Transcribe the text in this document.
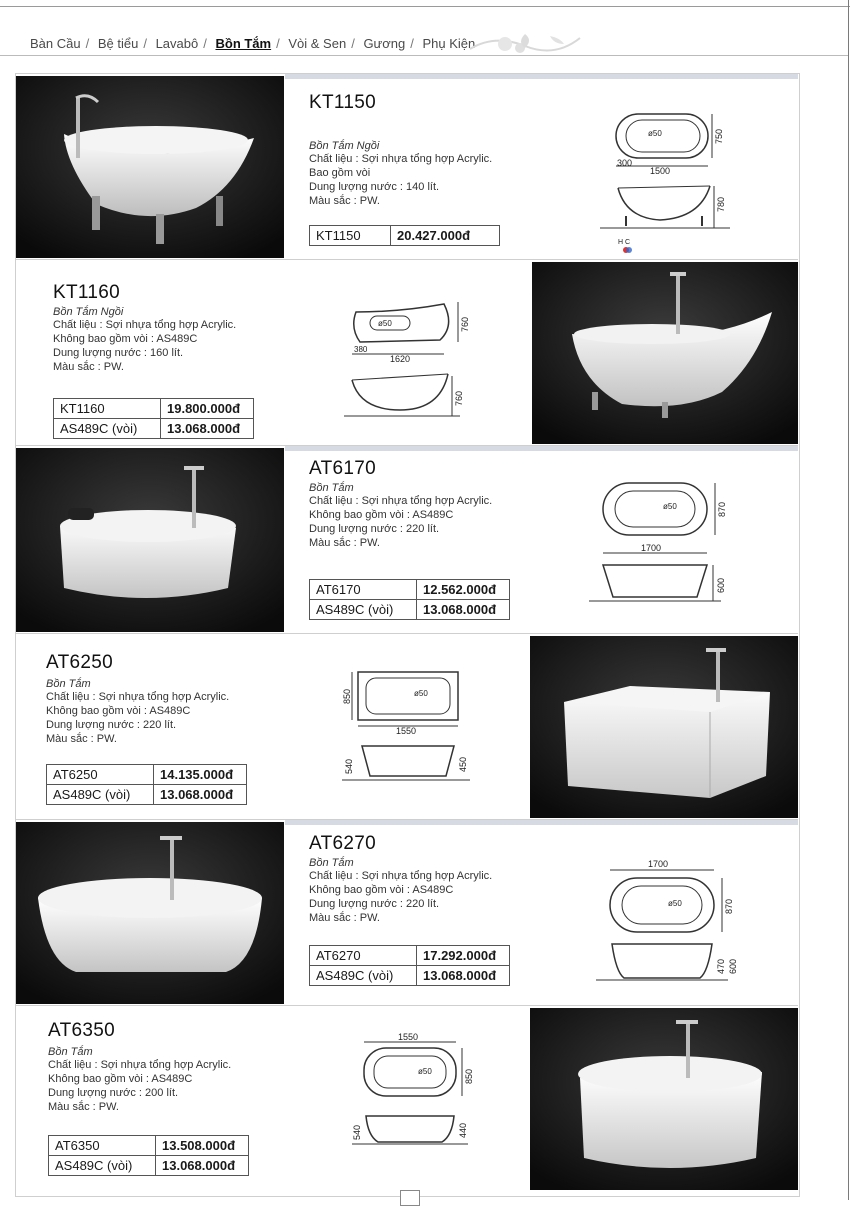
Bàn Cầu / Bệ tiểu / Lavabô / Bồn Tắm / Vòi & Sen / Gương / Phụ Kiện
KT1150
Bồn Tắm Ngồi
Chất liệu : Sợi nhựa tổng hợp Acrylic.
Bao gồm vòi
Dung lượng nước : 140 lít.
Màu sắc : PW.
KT1150	20.427.000đ
ø50	750
1500
300
780
H C
KT1160
Bồn Tắm Ngồi
Chất liệu : Sợi nhựa tổng hợp Acrylic.
Không bao gồm vòi : AS489C
Dung lượng nước : 160 lít.
Màu sắc : PW.
KT1160	19.800.000đ
AS489C (vòi)	13.068.000đ
ø50	760
380
1620
760
AT6170
Bồn Tắm
Chất liệu : Sợi nhựa tổng hợp Acrylic.
Không bao gồm vòi : AS489C
Dung lượng nước : 220 lít.
Màu sắc : PW.
AT6170	12.562.000đ
AS489C (vòi)	13.068.000đ
ø50	870
1700
600
AT6250
Bồn Tắm
Chất liệu : Sợi nhựa tổng hợp Acrylic.
Không bao gồm vòi : AS489C
Dung lượng nước : 220 lít.
Màu sắc : PW.
AT6250	14.135.000đ
AS489C (vòi)	13.068.000đ
ø50
850
1550
540	450
AT6270
Bồn Tắm
Chất liệu : Sợi nhựa tổng hợp Acrylic.
Không bao gồm vòi : AS489C
Dung lượng nước : 220 lít.
Màu sắc : PW.
AT6270	17.292.000đ
AS489C (vòi)	13.068.000đ
1700
ø50	870
470 600
AT6350
Bồn Tắm
Chất liệu : Sợi nhựa tổng hợp Acrylic.
Không bao gồm vòi : AS489C
Dung lượng nước : 200 lít.
Màu sắc : PW.
AT6350	13.508.000đ
AS489C (vòi)	13.068.000đ
1550
ø50	850
540	440
